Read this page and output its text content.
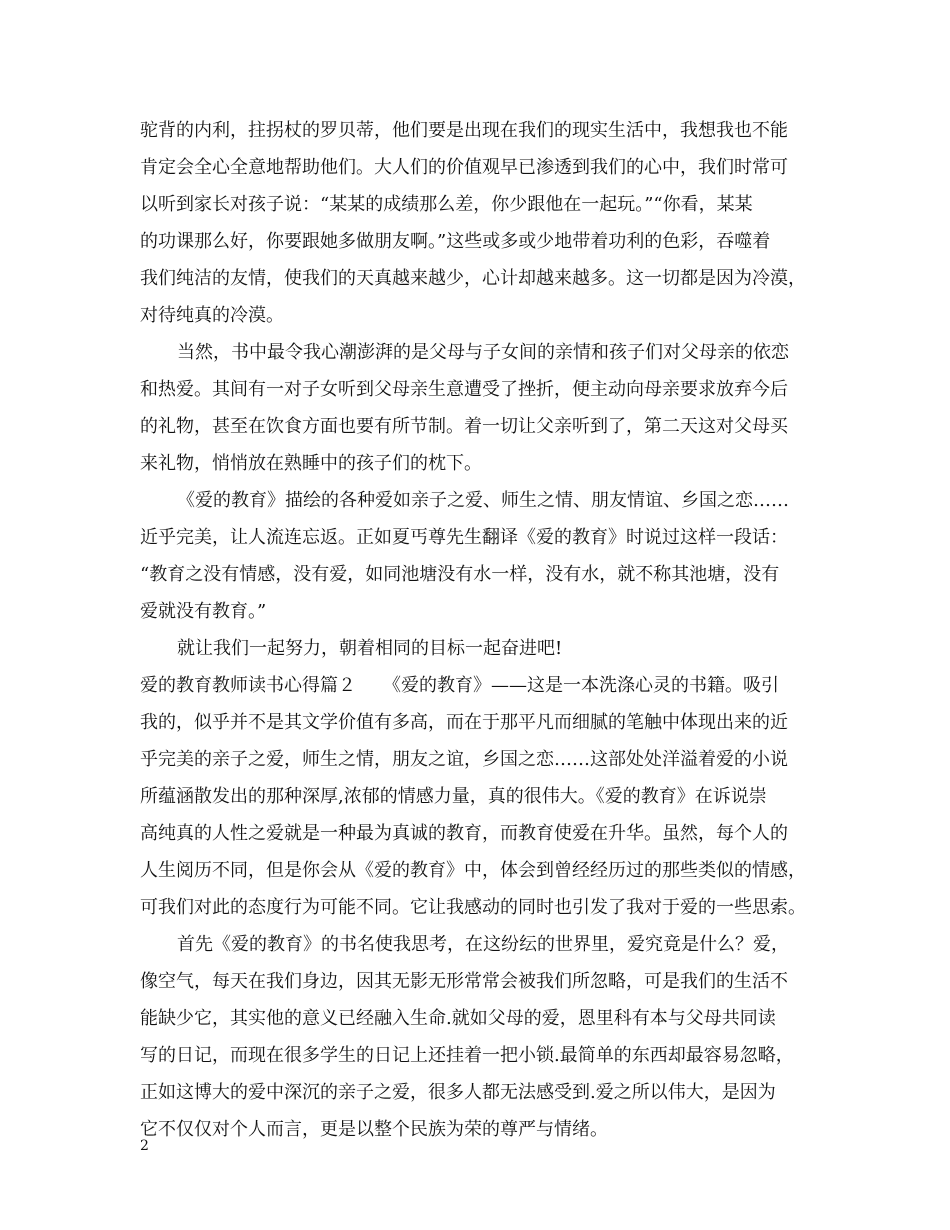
驼背的内利，拄拐杖的罗贝蒂，他们要是出现在我们的现实生活中，我想我也不能
肯定会全心全意地帮助他们。大人们的价值观早已渗透到我们的心中，我们时常可
以听到家长对孩子说：“某某的成绩那么差，你少跟他在一起玩。”“你看，某某
的功课那么好，你要跟她多做朋友啊。”这些或多或少地带着功利的色彩，吞噬着
我们纯洁的友情，使我们的天真越来越少，心计却越来越多。这一切都是因为冷漠，
对待纯真的冷漠。
当然，书中最令我心潮澎湃的是父母与子女间的亲情和孩子们对父母亲的依恋
和热爱。其间有一对子女听到父母亲生意遭受了挫折，便主动向母亲要求放弃今后
的礼物，甚至在饮食方面也要有所节制。着一切让父亲听到了，第二天这对父母买
来礼物，悄悄放在熟睡中的孩子们的枕下。
《爱的教育》描绘的各种爱如亲子之爱、师生之情、朋友情谊、乡国之恋……
近乎完美，让人流连忘返。正如夏丐尊先生翻译《爱的教育》时说过这样一段话：
“教育之没有情感，没有爱，如同池塘没有水一样，没有水，就不称其池塘，没有
爱就没有教育。”
就让我们一起努力，朝着相同的目标一起奋进吧!
爱的教育教师读书心得篇２　　《爱的教育》——这是一本洗涤心灵的书籍。吸引
我的，似乎并不是其文学价值有多高，而在于那平凡而细腻的笔触中体现出来的近
乎完美的亲子之爱，师生之情，朋友之谊，乡国之恋……这部处处洋溢着爱的小说
所蕴涵散发出的那种深厚,浓郁的情感力量，真的很伟大。《爱的教育》在诉说崇
高纯真的人性之爱就是一种最为真诚的教育，而教育使爱在升华。虽然，每个人的
人生阅历不同，但是你会从《爱的教育》中，体会到曾经经历过的那些类似的情感，
可我们对此的态度行为可能不同。它让我感动的同时也引发了我对于爱的一些思索。
首先《爱的教育》的书名使我思考，在这纷纭的世界里，爱究竟是什么？爱，
像空气，每天在我们身边，因其无影无形常常会被我们所忽略，可是我们的生活不
能缺少它，其实他的意义已经融入生命.就如父母的爱，恩里科有本与父母共同读
写的日记，而现在很多学生的日记上还挂着一把小锁.最简单的东西却最容易忽略，
正如这博大的爱中深沉的亲子之爱，很多人都无法感受到.爱之所以伟大，是因为
它不仅仅对个人而言，更是以整个民族为荣的尊严与情绪。
2
